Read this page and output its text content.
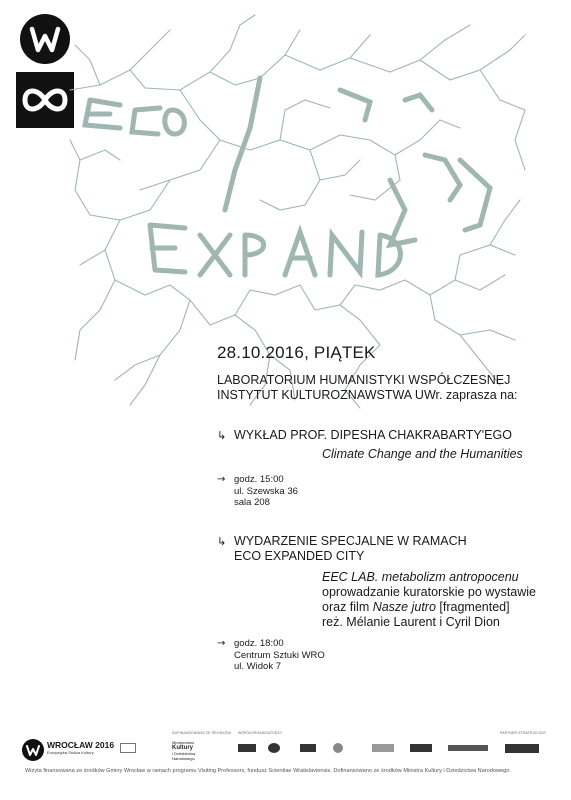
28.10.2016, PIĄTEK
LABORATORIUM HUMANISTYKI WSPÓŁCZESNEJ
INSTYTUT KULTUROZNAWSTWA UWr. zaprasza na:
↳ WYKŁAD PROF. DIPESHA CHAKRABARTY'EGO
Climate Change and the Humanities
→ godz. 15:00
ul. Szewska 36
sala 208
↳ WYDARZENIE SPECJALNE W RAMACH
ECO EXPANDED CITY
EEC LAB. metabolizm antropocenu
oprowadzanie kuratorskie po wystawie
oraz film Nasze jutro [fragmented]
reż. Mélanie Laurent i Cyril Dion
→ godz. 18:00
Centrum Sztuki WRO
ul. Widok 7
WROCŁAW 2016
Europejska Stolica Kultury
DOFINANSOWANO ZE ŚRODKÓW
Ministerstwo
Kultury
i Dziedzictwa
Narodowego
WSPÓŁORGANIZATORZY	PARTNER STRATEGICZNY
Wizyta finansowana ze środków Gminy Wrocław w ramach programu Visiting Professors, fundusz Scientiae Wratislaviensis. Dofinansowano ze środków Ministra Kultury i Dziedzictwa Narodowego.
